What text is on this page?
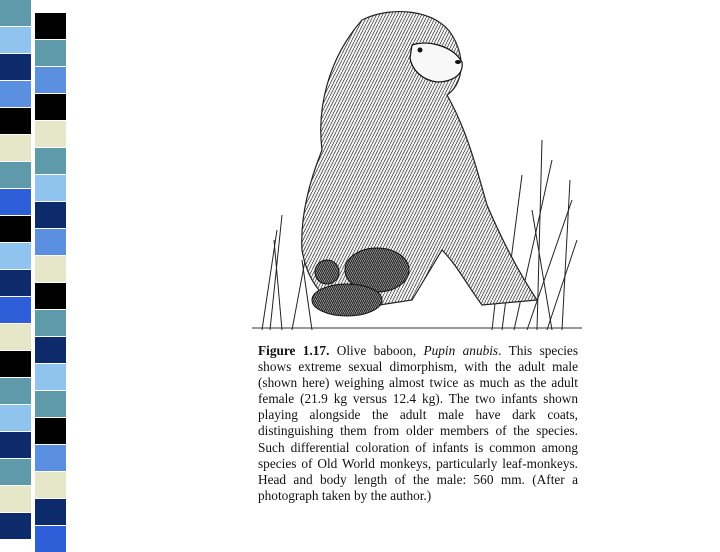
Figure 1.17. Olive baboon, Pupin anubis. This species shows extreme sexual dimorphism, with the adult male (shown here) weighing almost twice as much as the adult female (21.9 kg versus 12.4 kg). The two infants shown playing alongside the adult male have dark coats, distinguishing them from older members of the species. Such differential coloration of infants is common among species of Old World monkeys, particularly leaf-monkeys. Head and body length of the male: 560 mm. (After a photograph taken by the author.)
